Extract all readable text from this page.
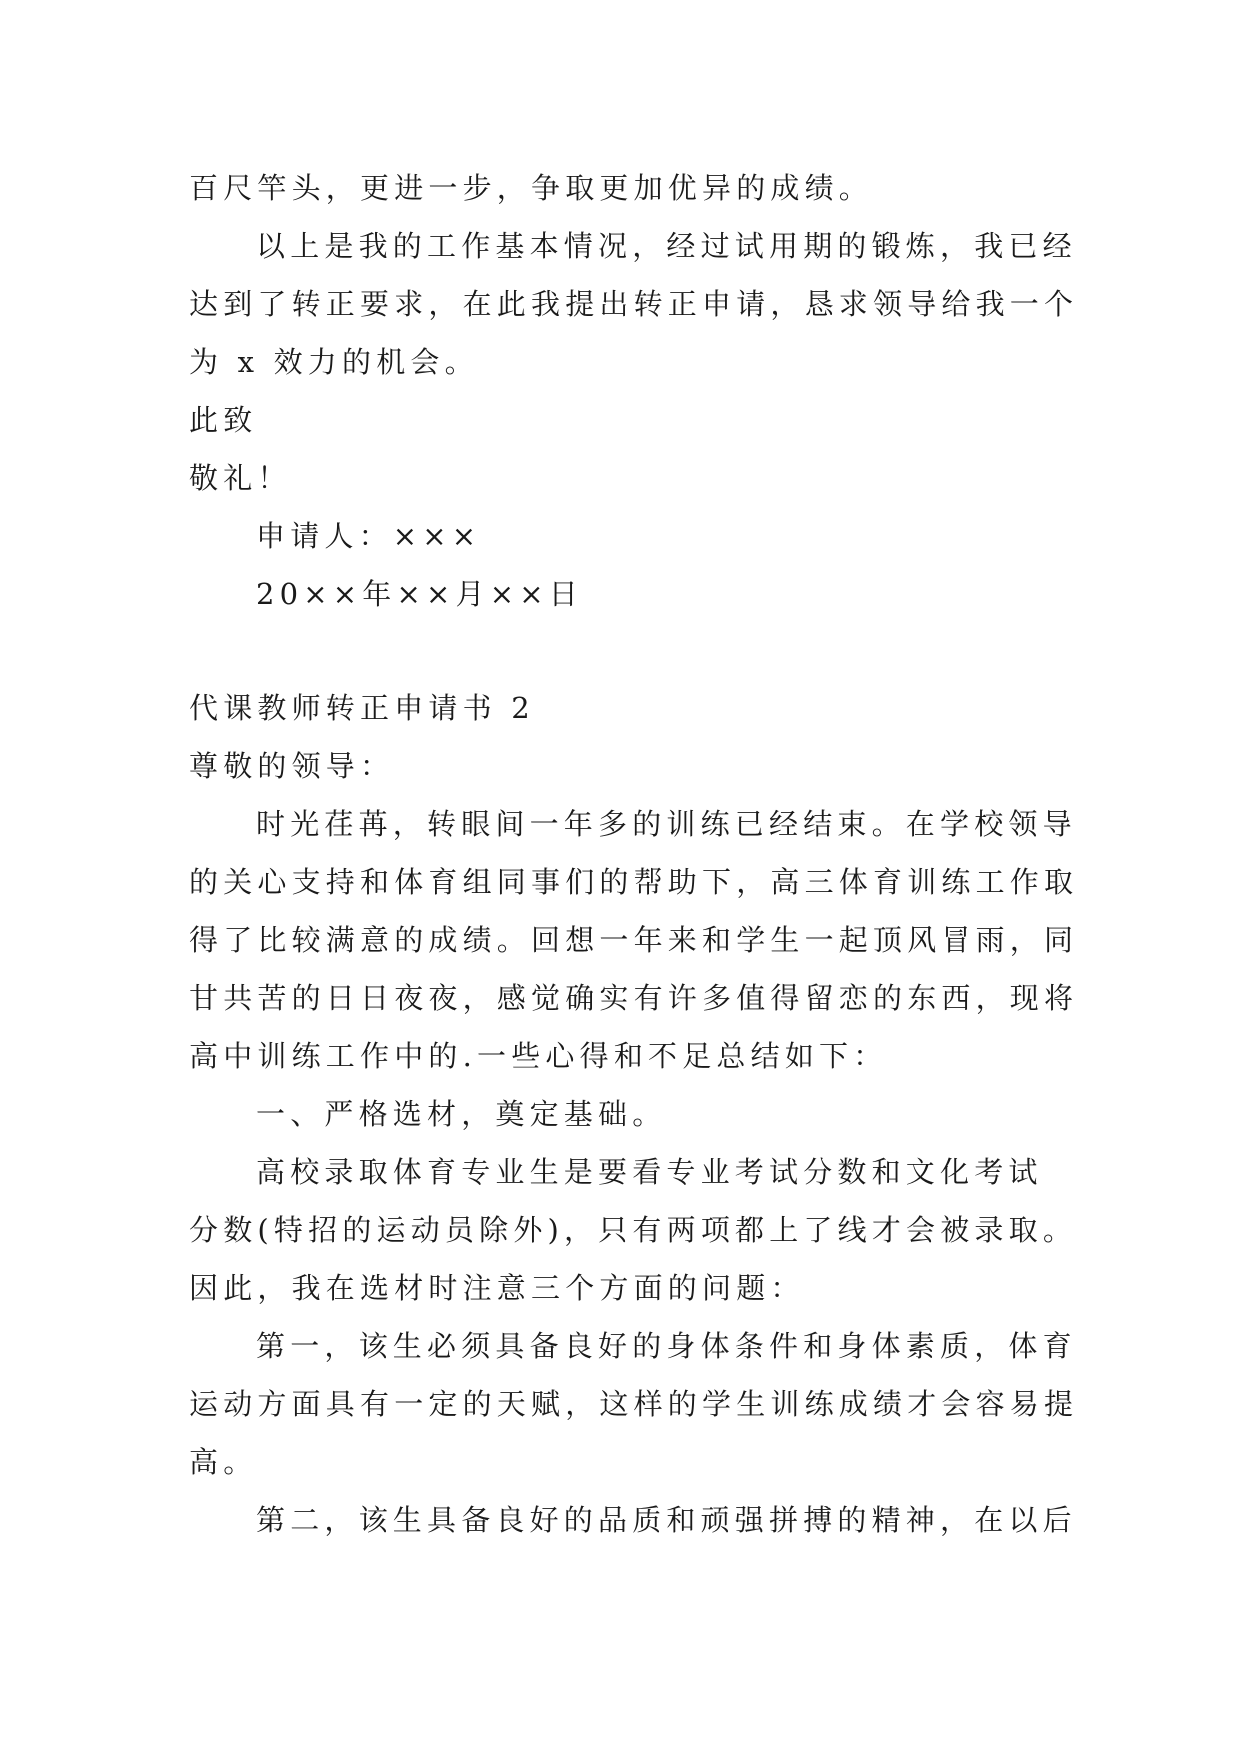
百尺竿头，更进一步，争取更加优异的成绩。

以上是我的工作基本情况，经过试用期的锻炼，我已经

达到了转正要求，在此我提出转正申请，恳求领导给我一个

为 x 效力的机会。

此致

敬礼！

申请人：×××

20××年××月××日

代课教师转正申请书 2

尊敬的领导：

时光荏苒，转眼间一年多的训练已经结束。在学校领导

的关心支持和体育组同事们的帮助下，高三体育训练工作取

得了比较满意的成绩。回想一年来和学生一起顶风冒雨，同

甘共苦的日日夜夜，感觉确实有许多值得留恋的东西，现将

高中训练工作中的.一些心得和不足总结如下：

一、严格选材，奠定基础。

高校录取体育专业生是要看专业考试分数和文化考试

分数(特招的运动员除外)，只有两项都上了线才会被录取。

因此，我在选材时注意三个方面的问题：

第一，该生必须具备良好的身体条件和身体素质，体育

运动方面具有一定的天赋，这样的学生训练成绩才会容易提

高。

第二，该生具备良好的品质和顽强拼搏的精神，在以后
